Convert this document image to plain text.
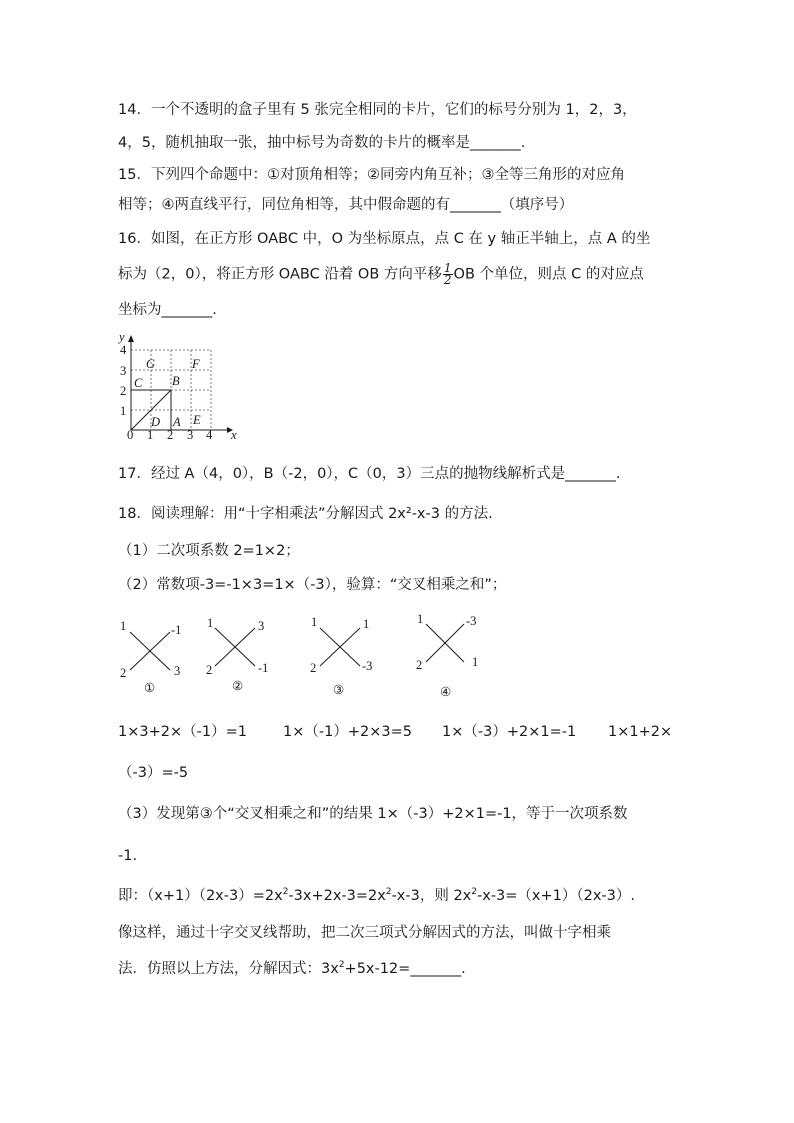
14．一个不透明的盒子里有 5 张完全相同的卡片，它们的标号分别为 1，2，3，
4，5，随机抽取一张，抽中标号为奇数的卡片的概率是_______.
15．下列四个命题中：①对顶角相等；②同旁内角互补；③全等三角形的对应角
相等；④两直线平行，同位角相等，其中假命题的有_______（填序号）
16．如图，在正方形 OABC 中，O 为坐标原点，点 C 在 y 轴正半轴上，点 A 的坐
标为（2，0），将正方形 OABC 沿着 OB 方向平移 $\frac{1}{2}$ OB 个单位，则点 C 的对应点
坐标为_______.
x
y
0 1 2 3 4
1
2
3
4
G	F
C B
D A E
17．经过 A（4，0），B（-2，0），C（0，3）三点的抛物线解析式是_______.
18．阅读理解：用“十字相乘法”分解因式 2x²-x-3 的方法.
（1）二次项系数 2=1×2；
（2）常数项-3=-1×3=1×（-3），验算：“交叉相乘之和”；
1	-1
2	3
①
1	3
2	-1
②
1	1
2	-3
③
1	-3
2	1
④
1×3+2×（-1）=1 1×（-1）+2×3=5 1×（-3）+2×1=-1 1×1+2×
（-3）=-5
（3）发现第③个“交叉相乘之和”的结果 1×（-3）+2×1=-1，等于一次项系数
-1.
即：$(x+1)(2x-3)=2x^2-3x+2x-3=2x^2-x-3$，则 $2x^2-x-3=(x+1)(2x-3)$.
像这样，通过十字交叉线帮助，把二次三项式分解因式的方法，叫做十字相乘
法．仿照以上方法，分解因式：$3x^2+5x-12=\_\_\_\_\_\_\_$.
